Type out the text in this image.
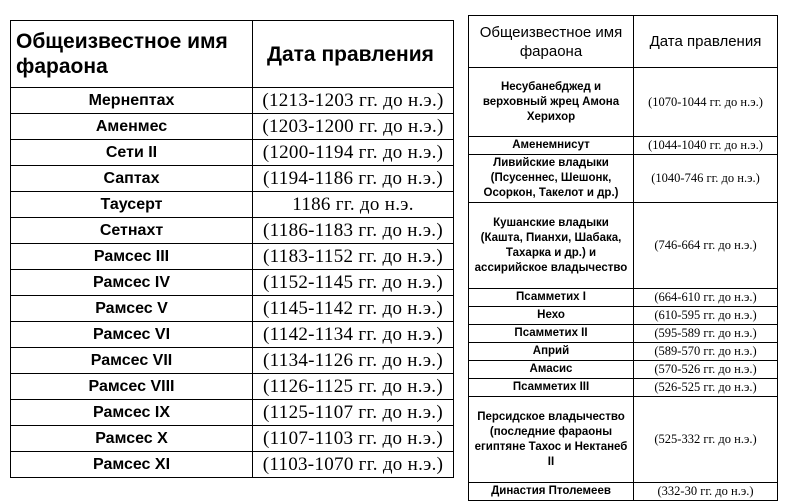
Общеизвестное имя фараона	Дата правления
Мернептах	(1213-1203 гг. до н.э.)
Аменмес	(1203-1200 гг. до н.э.)
Сети II	(1200-1194 гг. до н.э.)
Саптах	(1194-1186 гг. до н.э.)
Таусерт	1186 гг. до н.э.
Сетнахт	(1186-1183 гг. до н.э.)
Рамсес III	(1183-1152 гг. до н.э.)
Рамсес IV	(1152-1145 гг. до н.э.)
Рамсес V	(1145-1142 гг. до н.э.)
Рамсес VI	(1142-1134 гг. до н.э.)
Рамсес VII	(1134-1126 гг. до н.э.)
Рамсес VIII	(1126-1125 гг. до н.э.)
Рамсес IX	(1125-1107 гг. до н.э.)
Рамсес X	(1107-1103 гг. до н.э.)
Рамсес XI	(1103-1070 гг. до н.э.)
Общеизвестное имя фараона	Дата правления
Несубанебджед и верховный жрец Амона Херихор	(1070-1044 гг. до н.э.)
Аменемнисут	(1044-1040 гг. до н.э.)
Ливийские владыки (Псусеннес, Шешонк, Осоркон, Такелот и др.)	(1040-746 гг. до н.э.)
Кушанские владыки (Кашта, Пианхи, Шабака, Тахарка и др.) и ассирийское владычество	(746-664 гг. до н.э.)
Псамметих I	(664-610 гг. до н.э.)
Нехо	(610-595 гг. до н.э.)
Псамметих II	(595-589 гг. до н.э.)
Априй	(589-570 гг. до н.э.)
Амасис	(570-526 гг. до н.э.)
Псамметих III	(526-525 гг. до н.э.)
Персидское владычество (последние фараоны египтяне Тахос и Нектанеб II	(525-332 гг. до н.э.)
Династия Птолемеев	(332-30 гг. до н.э.)
